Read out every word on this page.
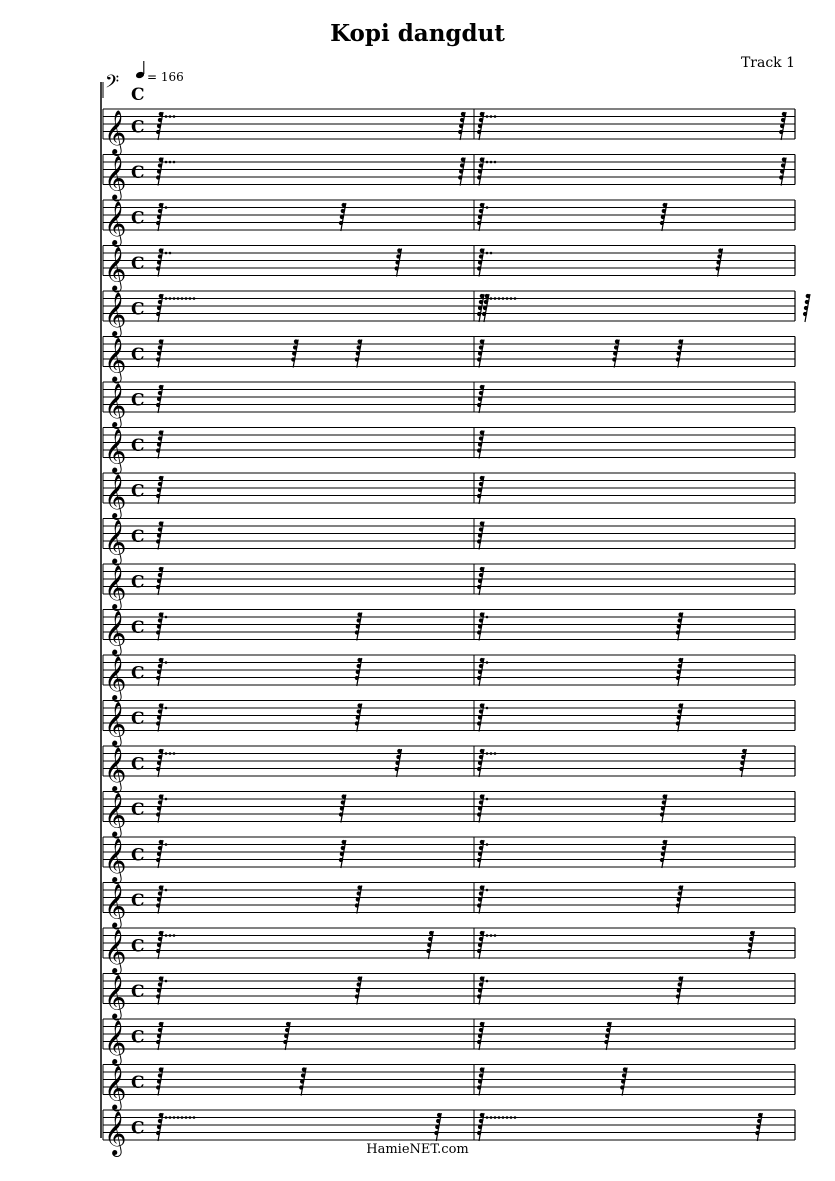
Kopi dangdut
Track 1
𝄢 C
= 166
𝄞 C
𝄞 C
𝄞 C
𝄞 C
𝄞 C
𝄞 C
𝄞 C
𝄞 C
𝄞 C
𝄞 C
𝄞 C
𝄞 C
𝄞 C
𝄞 C
𝄞 C
𝄞 C
𝄞 C
𝄞 C
𝄞 C
𝄞 C
𝄞 C
𝄞 C
𝄞 C
HamieNET.com
